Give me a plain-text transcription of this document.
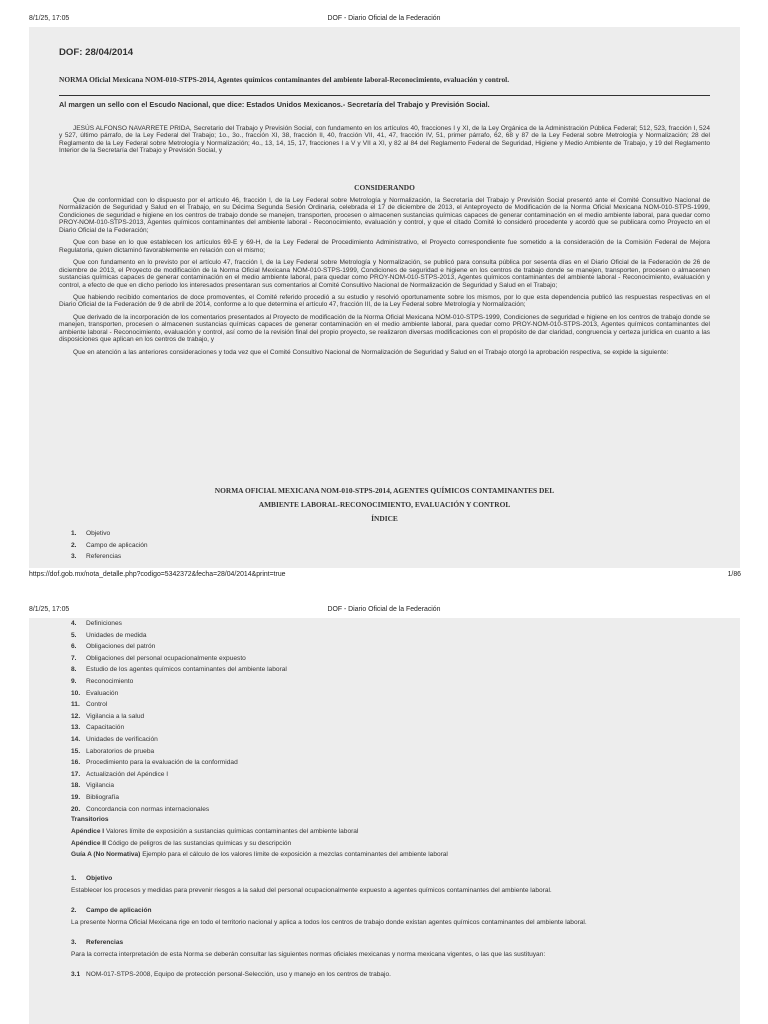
8/1/25, 17:05	DOF - Diario Oficial de la Federación
DOF: 28/04/2014
NORMA Oficial Mexicana NOM-010-STPS-2014, Agentes químicos contaminantes del ambiente laboral-Reconocimiento, evaluación y control.
Al margen un sello con el Escudo Nacional, que dice: Estados Unidos Mexicanos.- Secretaría del Trabajo y Previsión Social.

JESÚS ALFONSO NAVARRETE PRIDA, Secretario del Trabajo y Previsión Social, con fundamento en los artículos 40, fracciones I y XI, de la Ley Orgánica de la Administración Pública Federal; 512, 523, fracción I, 524 y 527, último párrafo, de la Ley Federal del Trabajo; 1o., 3o., fracción XI, 38, fracción II, 40, fracción VII, 41, 47, fracción IV, 51, primer párrafo, 62, 68 y 87 de la Ley Federal sobre Metrología y Normalización; 28 del Reglamento de la Ley Federal sobre Metrología y Normalización; 4o., 13, 14, 15, 17, fracciones I a V y VII a XI, y 82 al 84 del Reglamento Federal de Seguridad, Higiene y Medio Ambiente de Trabajo, y 19 del Reglamento Interior de la Secretaría del Trabajo y Previsión Social, y

CONSIDERANDO

Que de conformidad con lo dispuesto por el artículo 46, fracción I, de la Ley Federal sobre Metrología y Normalización, la Secretaría del Trabajo y Previsión Social presentó ante el Comité Consultivo Nacional de Normalización de Seguridad y Salud en el Trabajo, en su Décima Segunda Sesión Ordinaria, celebrada el 17 de diciembre de 2013, el Anteproyecto de Modificación de la Norma Oficial Mexicana NOM-010-STPS-1999, Condiciones de seguridad e higiene en los centros de trabajo donde se manejen, transporten, procesen o almacenen sustancias químicas capaces de generar contaminación en el medio ambiente laboral, para quedar como PROY-NOM-010-STPS-2013, Agentes químicos contaminantes del ambiente laboral - Reconocimiento, evaluación y control, y que el citado Comité lo consideró procedente y acordó que se publicara como Proyecto en el Diario Oficial de la Federación;

Que con base en lo que establecen los artículos 69-E y 69-H, de la Ley Federal de Procedimiento Administrativo, el Proyecto correspondiente fue sometido a la consideración de la Comisión Federal de Mejora Regulatoria, quien dictaminó favorablemente en relación con el mismo;

Que con fundamento en lo previsto por el artículo 47, fracción I, de la Ley Federal sobre Metrología y Normalización, se publicó para consulta pública por sesenta días en el Diario Oficial de la Federación de 26 de diciembre de 2013, el Proyecto de modificación de la Norma Oficial Mexicana NOM-010-STPS-1999, Condiciones de seguridad e higiene en los centros de trabajo donde se manejen, transporten, procesen o almacenen sustancias químicas capaces de generar contaminación en el medio ambiente laboral, para quedar como PROY-NOM-010-STPS-2013, Agentes químicos contaminantes del ambiente laboral - Reconocimiento, evaluación y control, a efecto de que en dicho periodo los interesados presentaran sus comentarios al Comité Consultivo Nacional de Normalización de Seguridad y Salud en el Trabajo;

Que habiendo recibido comentarios de doce promoventes, el Comité referido procedió a su estudio y resolvió oportunamente sobre los mismos, por lo que esta dependencia publicó las respuestas respectivas en el Diario Oficial de la Federación de 9 de abril de 2014, conforme a lo que determina el artículo 47, fracción III, de la Ley Federal sobre Metrología y Normalización;

Que derivado de la incorporación de los comentarios presentados al Proyecto de modificación de la Norma Oficial Mexicana NOM-010-STPS-1999, Condiciones de seguridad e higiene en los centros de trabajo donde se manejen, transporten, procesen o almacenen sustancias químicas capaces de generar contaminación en el medio ambiente laboral, para quedar como PROY-NOM-010-STPS-2013, Agentes químicos contaminantes del ambiente laboral - Reconocimiento, evaluación y control, así como de la revisión final del propio proyecto, se realizaron diversas modificaciones con el propósito de dar claridad, congruencia y certeza jurídica en cuanto a las disposiciones que aplican en los centros de trabajo, y

Que en atención a las anteriores consideraciones y toda vez que el Comité Consultivo Nacional de Normalización de Seguridad y Salud en el Trabajo otorgó la aprobación respectiva, se expide la siguiente:

NORMA OFICIAL MEXICANA NOM-010-STPS-2014, AGENTES QUÍMICOS CONTAMINANTES DEL
AMBIENTE LABORAL-RECONOCIMIENTO, EVALUACIÓN Y CONTROL
ÍNDICE
1. Objetivo
2. Campo de aplicación
3. Referencias
https://dof.gob.mx/nota_detalle.php?codigo=5342372&fecha=28/04/2014&print=true	1/86
8/1/25, 17:05	DOF - Diario Oficial de la Federación
4. Definiciones
5. Unidades de medida
6. Obligaciones del patrón
7. Obligaciones del personal ocupacionalmente expuesto
8. Estudio de los agentes químicos contaminantes del ambiente laboral
9. Reconocimiento
10. Evaluación
11. Control
12. Vigilancia a la salud
13. Capacitación
14. Unidades de verificación
15. Laboratorios de prueba
16. Procedimiento para la evaluación de la conformidad
17. Actualización del Apéndice I
18. Vigilancia
19. Bibliografía
20. Concordancia con normas internacionales
Transitorios
Apéndice I Valores límite de exposición a sustancias químicas contaminantes del ambiente laboral
Apéndice II Código de peligros de las sustancias químicas y su descripción
Guía A (No Normativa) Ejemplo para el cálculo de los valores límite de exposición a mezclas contaminantes del ambiente laboral
1. Objetivo
Establecer los procesos y medidas para prevenir riesgos a la salud del personal ocupacionalmente expuesto a agentes químicos contaminantes del ambiente laboral.
2. Campo de aplicación
La presente Norma Oficial Mexicana rige en todo el territorio nacional y aplica a todos los centros de trabajo donde existan agentes químicos contaminantes del ambiente laboral.
3. Referencias
Para la correcta interpretación de esta Norma se deberán consultar las siguientes normas oficiales mexicanas y norma mexicana vigentes, o las que las sustituyan:
3.1 NOM-017-STPS-2008, Equipo de protección personal-Selección, uso y manejo en los centros de trabajo.
